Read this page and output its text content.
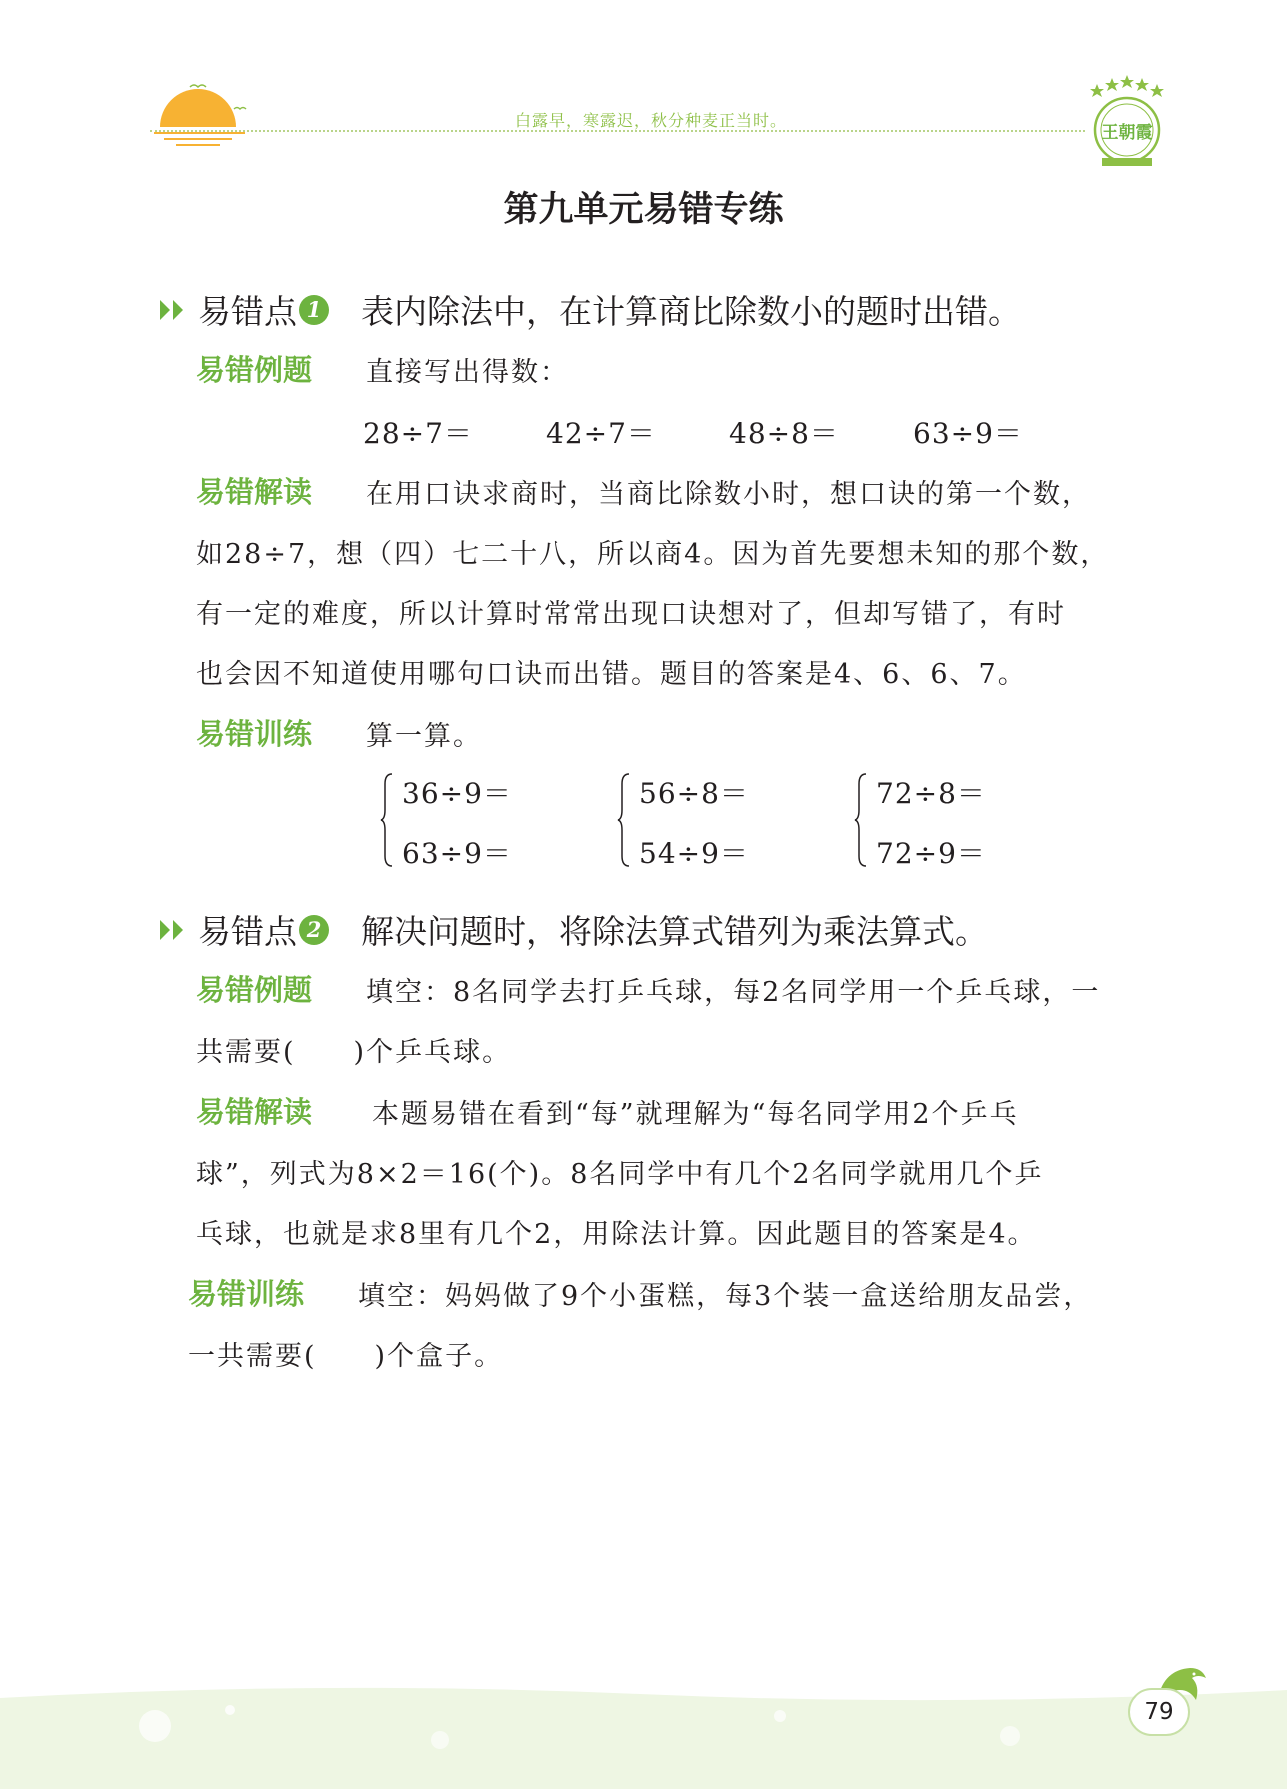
白露早，寒露迟，秋分种麦正当时。
王朝霞
第九单元易错专练
易错点 1 表内除法中，在计算商比除数小的题时出错。
易错例题 直接写出得数：
28÷7＝	42÷7＝	48÷8＝	63÷9＝
易错解读 在用口诀求商时，当商比除数小时，想口诀的第一个数，
如28÷7，想（四）七二十八，所以商4。因为首先要想未知的那个数，
有一定的难度，所以计算时常常出现口诀想对了，但却写错了，有时
也会因不知道使用哪句口诀而出错。题目的答案是4、6、6、7。
易错训练 算一算。
36÷9＝
63÷9＝
56÷8＝
54÷9＝
72÷8＝
72÷9＝
易错点 2 解决问题时，将除法算式错列为乘法算式。
易错例题 填空：8名同学去打乒乓球，每2名同学用一个乒乓球，一
共需要(　　)个乒乓球。
易错解读 本题易错在看到“每”就理解为“每名同学用2个乒乓
球”，列式为8×2＝16(个)。8名同学中有几个2名同学就用几个乒
乓球，也就是求8里有几个2，用除法计算。因此题目的答案是4。
易错训练 填空：妈妈做了9个小蛋糕，每3个装一盒送给朋友品尝，
一共需要(　　)个盒子。
79
